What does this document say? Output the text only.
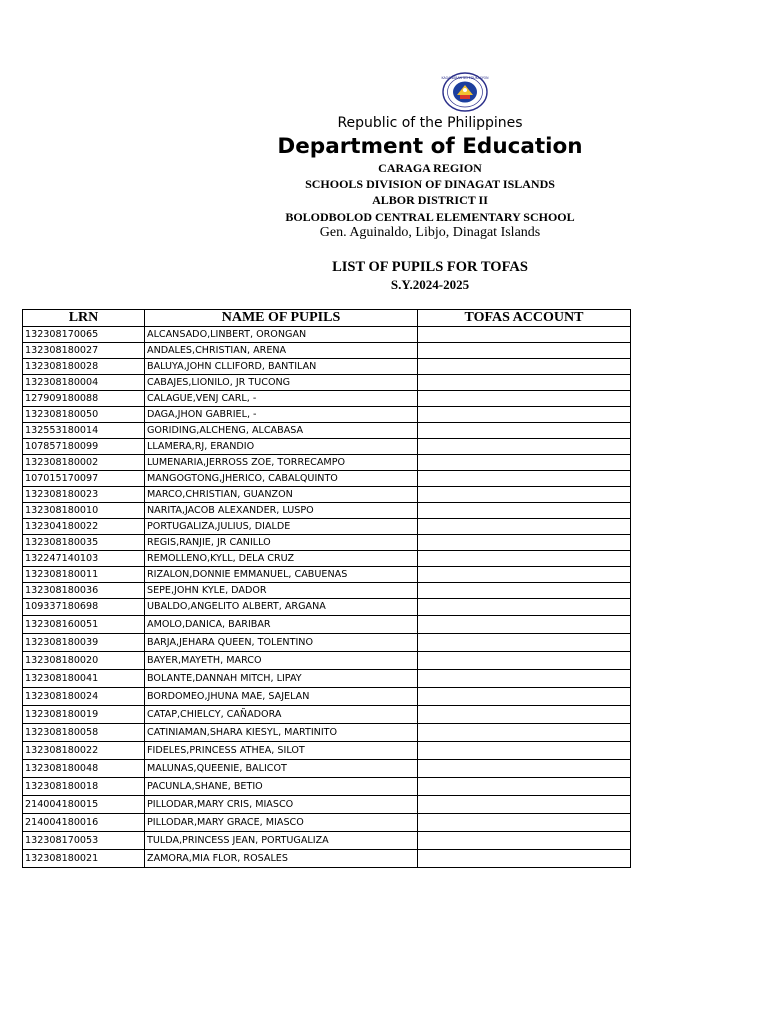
KAGAWARAN NG EDUKASYON
Republic of the Philippines
Department of Education
CARAGA REGION
SCHOOLS DIVISION OF DINAGAT ISLANDS
ALBOR DISTRICT II
BOLODBOLOD CENTRAL ELEMENTARY SCHOOL
Gen. Aguinaldo, Libjo, Dinagat Islands
LIST OF PUPILS FOR TOFAS
S.Y.2024-2025
LRN	NAME OF PUPILS	TOFAS ACCOUNT
132308170065	ALCANSADO,LINBERT, ORONGAN	
132308180027	ANDALES,CHRISTIAN, ARENA	
132308180028	BALUYA,JOHN CLLIFORD, BANTILAN	
132308180004	CABAJES,LIONILO, JR TUCONG	
127909180088	CALAGUE,VENJ CARL, -	
132308180050	DAGA,JHON GABRIEL, -	
132553180014	GORIDING,ALCHENG, ALCABASA	
107857180099	LLAMERA,RJ, ERANDIO	
132308180002	LUMENARIA,JERROSS ZOE, TORRECAMPO	
107015170097	MANGOGTONG,JHERICO, CABALQUINTO	
132308180023	MARCO,CHRISTIAN, GUANZON	
132308180010	NARITA,JACOB ALEXANDER, LUSPO	
132304180022	PORTUGALIZA,JULIUS, DIALDE	
132308180035	REGIS,RANJIE, JR CANILLO	
132247140103	REMOLLENO,KYLL, DELA CRUZ	
132308180011	RIZALON,DONNIE EMMANUEL, CABUENAS	
132308180036	SEPE,JOHN KYLE, DADOR	
109337180698	UBALDO,ANGELITO ALBERT, ARGANA	
132308160051	AMOLO,DANICA, BARIBAR	
132308180039	BARJA,JEHARA QUEEN, TOLENTINO	
132308180020	BAYER,MAYETH, MARCO	
132308180041	BOLANTE,DANNAH MITCH, LIPAY	
132308180024	BORDOMEO,JHUNA MAE, SAJELAN	
132308180019	CATAP,CHIELCY, CAÑADORA	
132308180058	CATINIAMAN,SHARA KIESYL, MARTINITO	
132308180022	FIDELES,PRINCESS ATHEA, SILOT	
132308180048	MALUNAS,QUEENIE, BALICOT	
132308180018	PACUNLA,SHANE, BETIO	
214004180015	PILLODAR,MARY CRIS, MIASCO	
214004180016	PILLODAR,MARY GRACE, MIASCO	
132308170053	TULDA,PRINCESS JEAN, PORTUGALIZA	
132308180021	ZAMORA,MIA FLOR, ROSALES	
